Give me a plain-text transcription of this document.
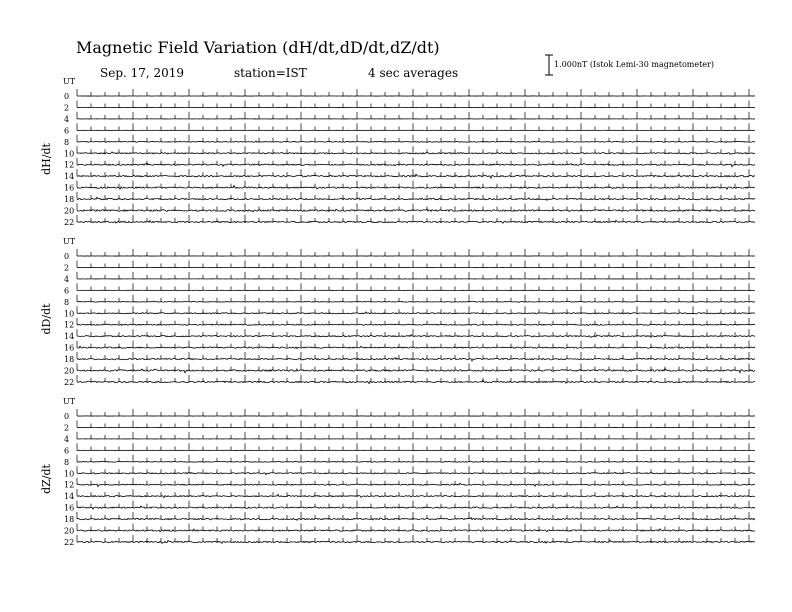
Magnetic Field Variation (dH/dt,dD/dt,dZ/dt)
Sep. 17, 2019	station=IST	4 sec averages
1.000nT (Istok Lemi-30 magnetometer)
UT
dH/dt
0
2
4
6
8
10
12
14
16
18
20
22
UT
dD/dt
0
2
4
6
8
10
12
14
16
18
20
22
UT
dZ/dt
0
2
4
6
8
10
12
14
16
18
20
22
